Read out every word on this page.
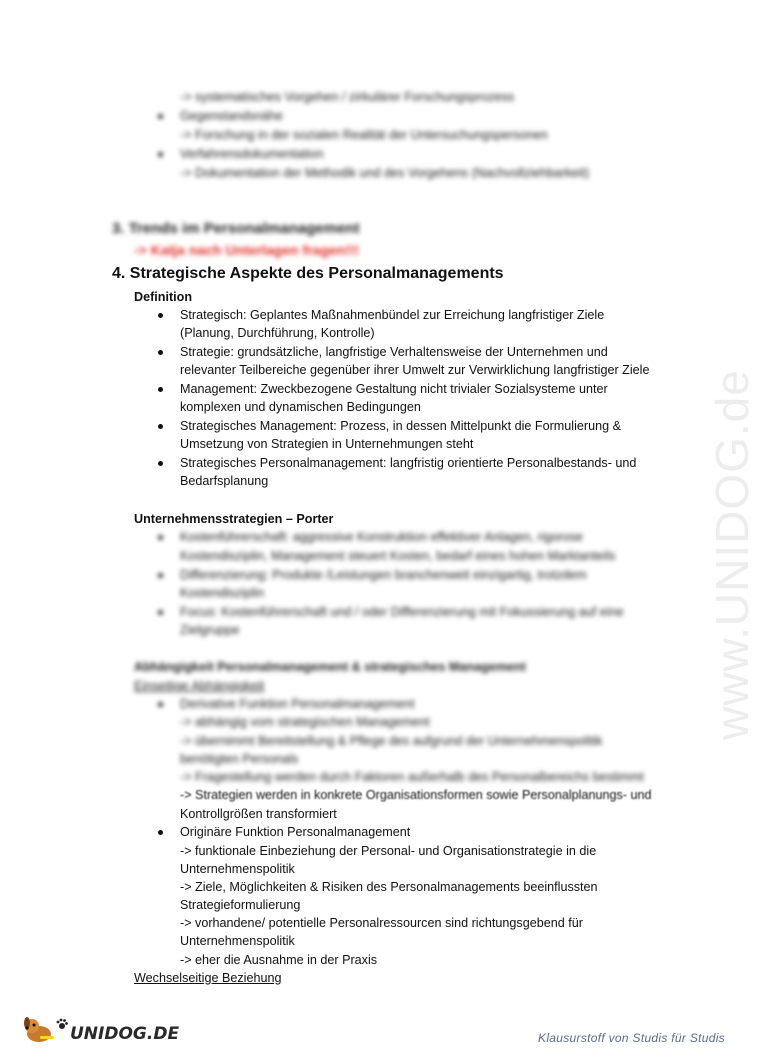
www.UNIDOG.de
-> systematisches Vorgehen / zirkulärer Forschungsprozess
Gegenstandsnähe
-> Forschung in der sozialen Realität der Untersuchungspersonen
Verfahrensdokumentation
-> Dokumentation der Methodik und des Vorgehens (Nachvollziehbarkeit)
3. Trends im Personalmanagement
-> Katja nach Unterlagen fragen!!!
4. Strategische Aspekte des Personalmanagements
Definition
Strategisch: Geplantes Maßnahmenbündel zur Erreichung langfristiger Ziele
(Planung, Durchführung, Kontrolle)
Strategie: grundsätzliche, langfristige Verhaltensweise der Unternehmen und
relevanter Teilbereiche gegenüber ihrer Umwelt zur Verwirklichung langfristiger Ziele
Management: Zweckbezogene Gestaltung nicht trivialer Sozialsysteme unter
komplexen und dynamischen Bedingungen
Strategisches Management: Prozess, in dessen Mittelpunkt die Formulierung &
Umsetzung von Strategien in Unternehmungen steht
Strategisches Personalmanagement: langfristig orientierte Personalbestands- und
Bedarfsplanung
Unternehmensstrategien – Porter
Kostenführerschaft: aggressive Konstruktion effektiver Anlagen, rigorose
Kostendisziplin, Management steuert Kosten, bedarf eines hohen Marktanteils
Differenzierung: Produkte /Leistungen branchenweit einzigartig, trotzdem
Kostendisziplin
Focus: Kostenführerschaft und / oder Differenzierung mit Fokussierung auf eine
Zielgruppe
Abhängigkeit Personalmanagement & strategisches Management
Einseitige Abhängigkeit
Derivative Funktion Personalmanagement
-> abhängig vom strategischen Management
-> übernimmt Bereitstellung & Pflege des aufgrund der Unternehmenspolitik
benötigten Personals
-> Fragestellung werden durch Faktoren außerhalb des Personalbereichs bestimmt
-> Strategien werden in konkrete Organisationsformen sowie Personalplanungs- und
Kontrollgrößen transformiert
Originäre Funktion Personalmanagement
-> funktionale Einbeziehung der Personal- und Organisationstrategie in die
Unternehmenspolitik
-> Ziele, Möglichkeiten & Risiken des Personalmanagements beeinflussten
Strategieformulierung
-> vorhandene/ potentielle Personalressourcen sind richtungsgebend für
Unternehmenspolitik
-> eher die Ausnahme in der Praxis
Wechselseitige Beziehung
UNIDOG.DE	Klausurstoff von Studis für Studis
